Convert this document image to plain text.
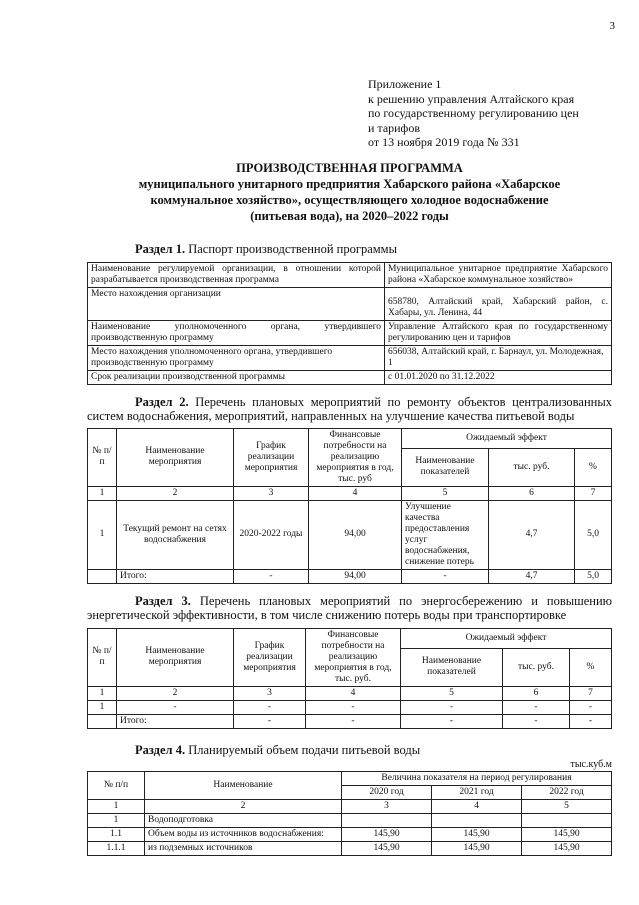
3
Приложение 1
к решению управления Алтайского края
по государственному регулированию цен
и тарифов
от 13 ноября 2019 года № 331
ПРОИЗВОДСТВЕННАЯ ПРОГРАММА
муниципального унитарного предприятия Хабарского района «Хабарское
коммунальное хозяйство», осуществляющего холодное водоснабжение
(питьевая вода), на 2020–2022 годы
Раздел 1. Паспорт производственной программы
Наименование регулируемой организации, в отношении которой разрабатывается производственная программа	Муниципальное унитарное предприятие Хабарского района «Хабарское коммунальное хозяйство»
Место нахождения организации	658780, Алтайский край, Хабарский район, с. Хабары, ул. Ленина, 44
Наименование уполномоченного органа, утвердившего производственную программу	Управление Алтайского края по государственному регулированию цен и тарифов
Место нахождения уполномоченного органа, утвердившего производственную программу	656038, Алтайский край, г. Барнаул, ул. Молодежная, 1
Срок реализации производственной программы	с 01.01.2020 по 31.12.2022
Раздел 2. Перечень плановых мероприятий по ремонту объектов централизованных систем водоснабжения, мероприятий, направленных на улучшение качества питьевой воды
№ п/п	Наименование мероприятия	График реализации мероприятия	Финансовые потребности на реализацию мероприятия в год, тыс. руб	Ожидаемый эффект		
				Наименование показателей	тыс. руб.	%
1	2	3	4	5	6	7
1	Текущий ремонт на сетях водоснабжения	2020-2022 годы	94,00	Улучшение качества предоставления услуг водоснабжения, снижение потерь	4,7	5,0
	Итого:	-	94,00	-	4,7	5,0
Раздел 3. Перечень плановых мероприятий по энергосбережению и повышению энергетической эффективности, в том числе снижению потерь воды при транспортировке
№ п/п	Наименование мероприятия	График реализации мероприятия	Финансовые потребности на реализацию мероприятия в год, тыс. руб.	Ожидаемый эффект		
				Наименование показателей	тыс. руб.	%
1	2	3	4	5	6	7
1	-	-	-	-	-	-
	Итого:	-	-	-	-	-
Раздел 4. Планируемый объем подачи питьевой воды
тыс.куб.м
№ п/п	Наименование	Величина показателя на период регулирования		
		2020 год	2021 год	2022 год
1	2	3	4	5
1	Водоподготовка			
1.1	Объем воды из источников водоснабжения:	145,90	145,90	145,90
1.1.1	из подземных источников	145,90	145,90	145,90
